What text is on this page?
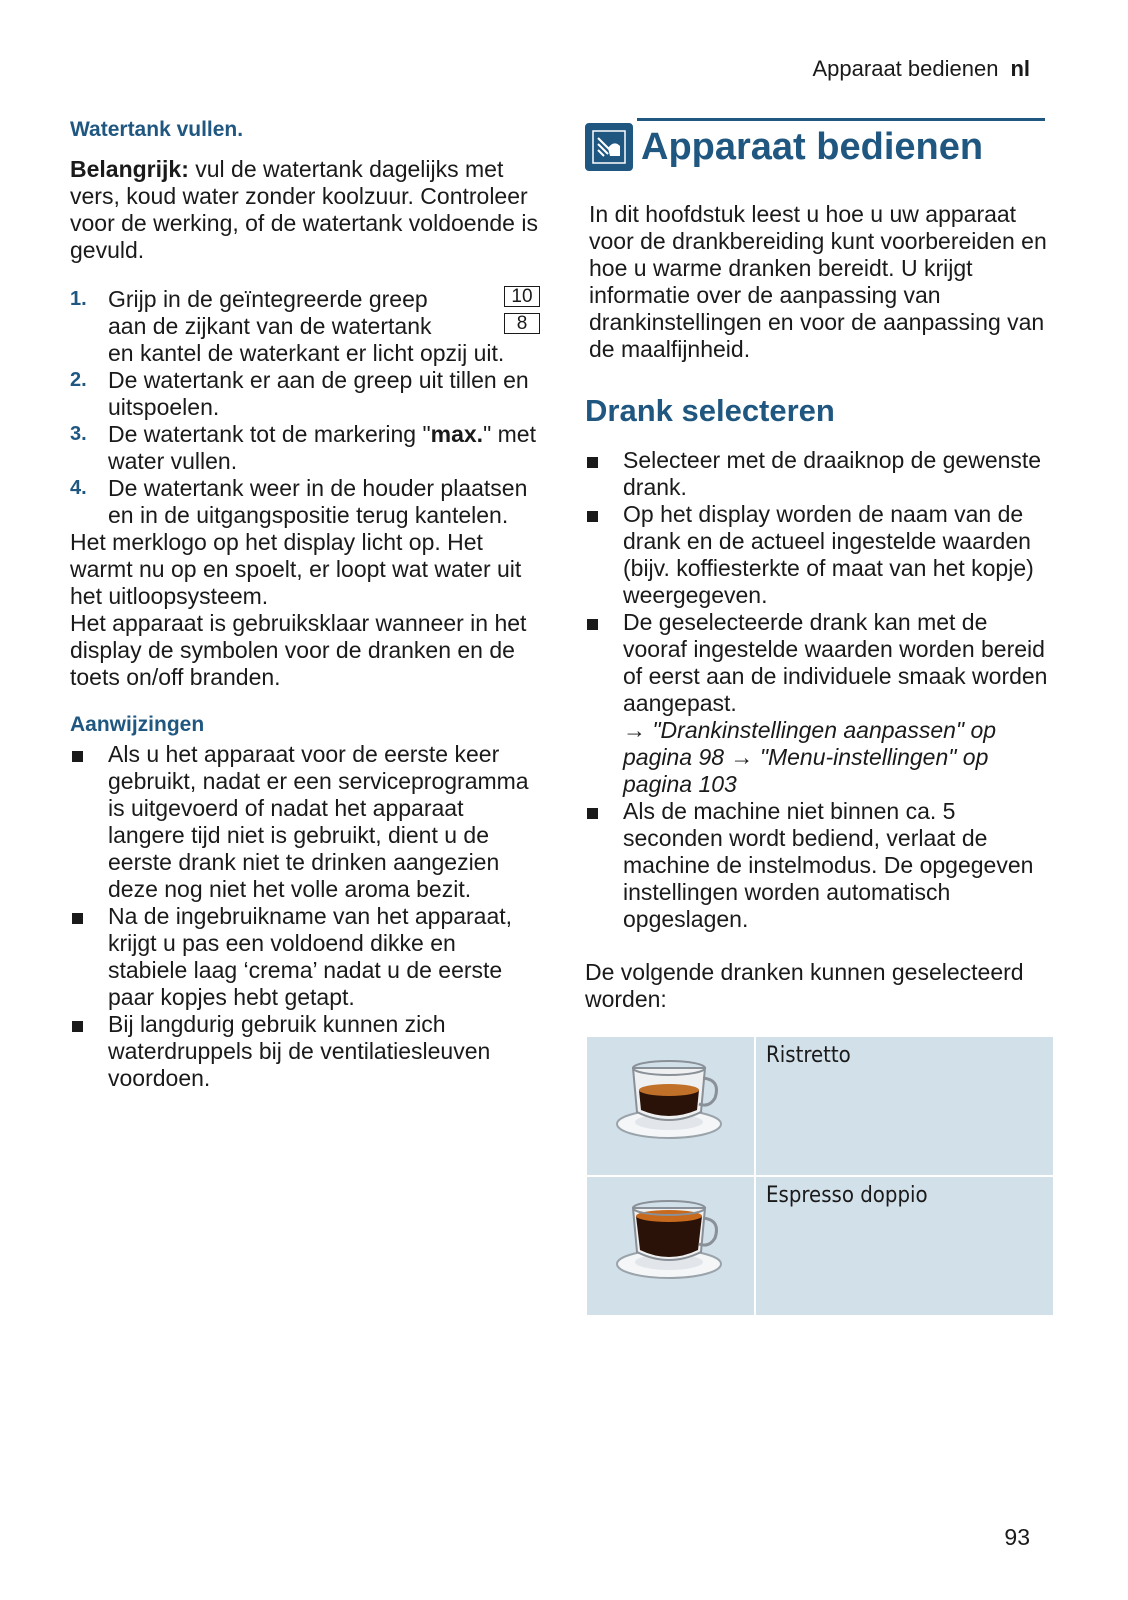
Apparaat bedienen nl
Watertank vullen.

Belangrijk: vul de watertank dagelijks met vers, koud water zonder koolzuur. Controleer voor de werking, of de watertank voldoende is gevuld.

1. Grijp in de geïntegreerde greep	10
aan de zijkant van de watertank	8
en kantel de waterkant er licht opzij uit.
2. De watertank er aan de greep uit tillen en uitspoelen.
3. De watertank tot de markering "max." met water vullen.
4. De watertank weer in de houder plaatsen en in de uitgangspositie terug kantelen.

Het merklogo op het display licht op. Het warmt nu op en spoelt, er loopt wat water uit het uitloopsysteem.

Het apparaat is gebruiksklaar wanneer in het display de symbolen voor de dranken en de toets on/off branden.

Aanwijzingen
Als u het apparaat voor de eerste keer gebruikt, nadat er een serviceprogramma is uitgevoerd of nadat het apparaat langere tijd niet is gebruikt, dient u de eerste drank niet te drinken aangezien deze nog niet het volle aroma bezit.
Na de ingebruikname van het apparaat, krijgt u pas een voldoend dikke en stabiele laag ‘crema’ nadat u de eerste paar kopjes hebt getapt.
Bij langdurig gebruik kunnen zich waterdruppels bij de ventilatiesleuven voordoen.
Apparaat bedienen

In dit hoofdstuk leest u hoe u uw apparaat voor de drankbereiding kunt voorbereiden en hoe u warme dranken bereidt. U krijgt informatie over de aanpassing van drankinstellingen en voor de aanpassing van de maalfijnheid.

Drank selecteren
Selecteer met de draaiknop de gewenste drank.
Op het display worden de naam van de drank en de actueel ingestelde waarden (bijv. koffiesterkte of maat van het kopje) weergegeven.
De geselecteerde drank kan met de vooraf ingestelde waarden worden bereid of eerst aan de individuele smaak worden aangepast.
→ "Drankinstellingen aanpassen" op pagina 98 → "Menu-instellingen" op pagina 103
Als de machine niet binnen ca. 5 seconden wordt bediend, verlaat de machine de instelmodus. De opgegeven instellingen worden automatisch opgeslagen.

De volgende dranken kunnen geselecteerd worden:

	Ristretto
	Espresso doppio
93
